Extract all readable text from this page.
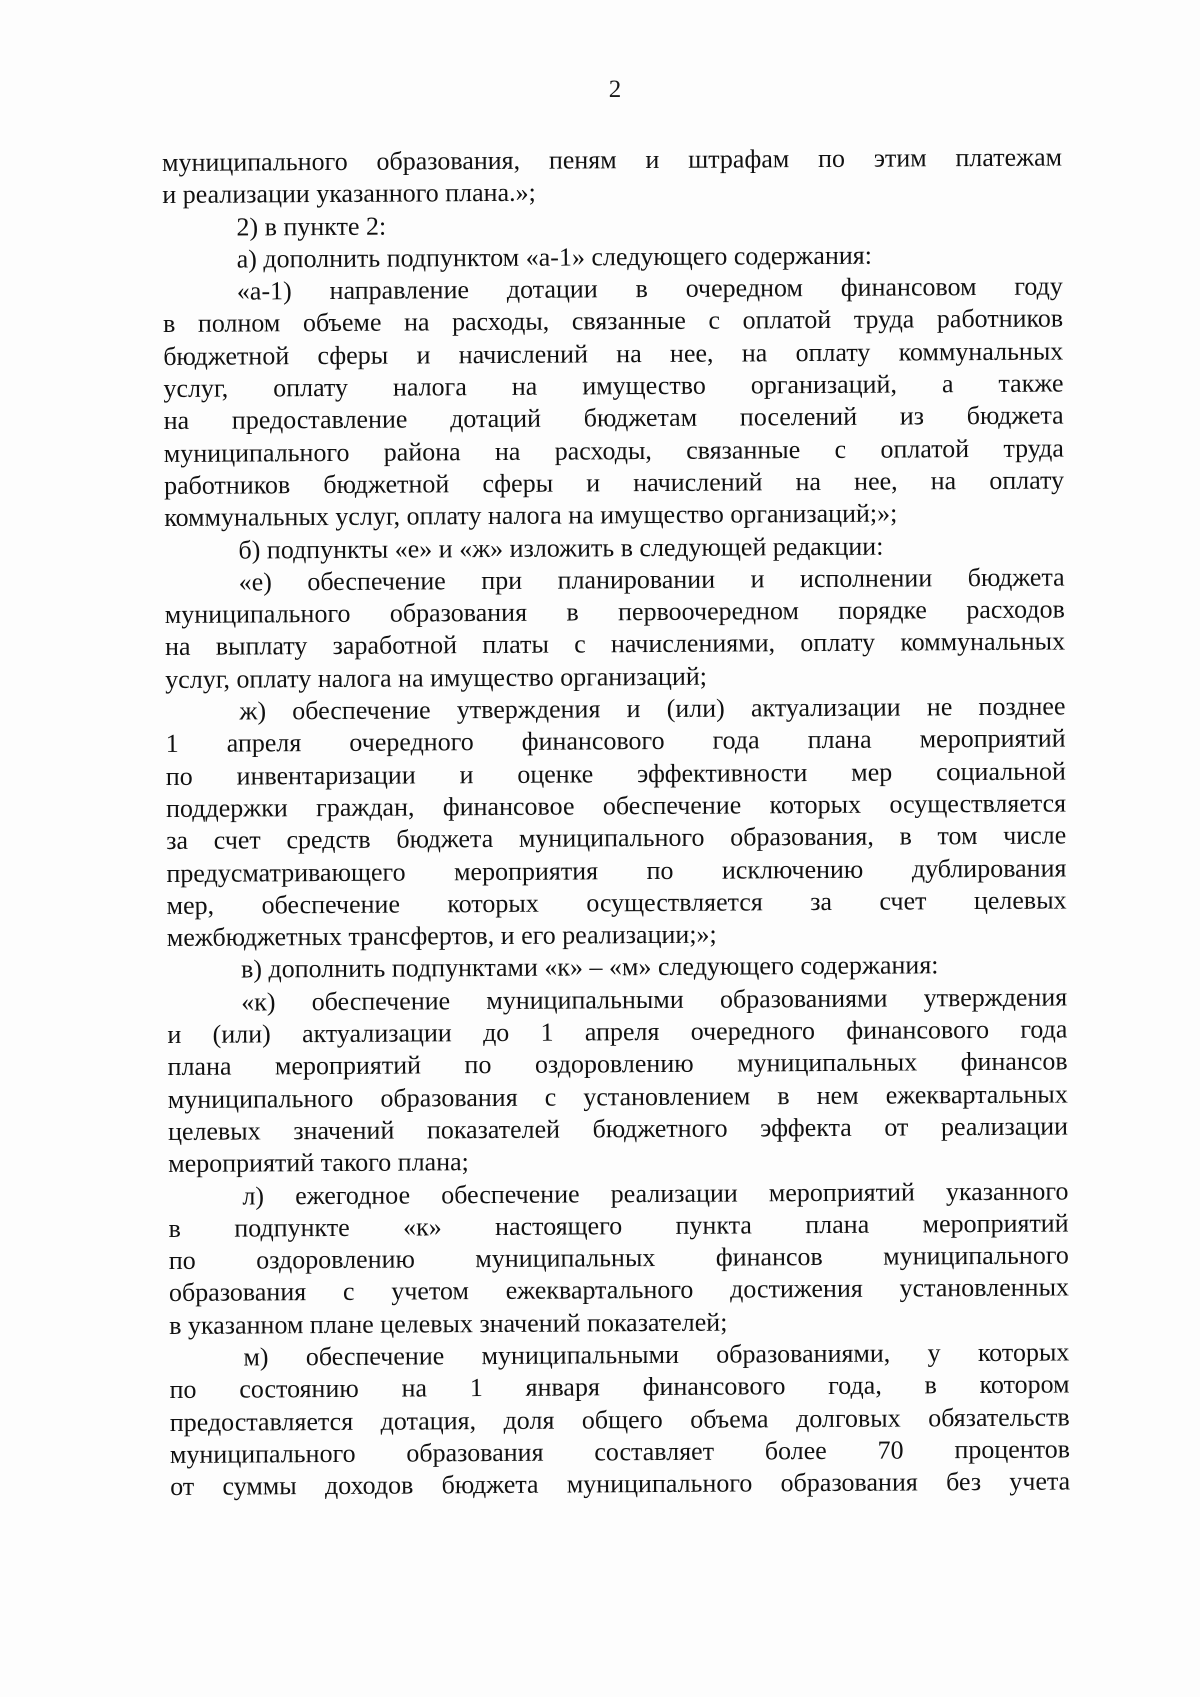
2
муниципального образования, пеням и штрафам по этим платежам
и реализации указанного плана.»;
2) в пункте 2:
а) дополнить подпунктом «а-1» следующего содержания:
«а-1) направление дотации в очередном финансовом году
в полном объеме на расходы, связанные с оплатой труда работников
бюджетной сферы и начислений на нее, на оплату коммунальных
услуг, оплату налога на имущество организаций, а также
на предоставление дотаций бюджетам поселений из бюджета
муниципального района на расходы, связанные с оплатой труда
работников бюджетной сферы и начислений на нее, на оплату
коммунальных услуг, оплату налога на имущество организаций;»;
б) подпункты «е» и «ж» изложить в следующей редакции:
«е) обеспечение при планировании и исполнении бюджета
муниципального образования в первоочередном порядке расходов
на выплату заработной платы с начислениями, оплату коммунальных
услуг, оплату налога на имущество организаций;
ж) обеспечение утверждения и (или) актуализации не позднее
1 апреля очередного финансового года плана мероприятий
по инвентаризации и оценке эффективности мер социальной
поддержки граждан, финансовое обеспечение которых осуществляется
за счет средств бюджета муниципального образования, в том числе
предусматривающего мероприятия по исключению дублирования
мер, обеспечение которых осуществляется за счет целевых
межбюджетных трансфертов, и его реализации;»;
в) дополнить подпунктами «к» – «м» следующего содержания:
«к) обеспечение муниципальными образованиями утверждения
и (или) актуализации до 1 апреля очередного финансового года
плана мероприятий по оздоровлению муниципальных финансов
муниципального образования с установлением в нем ежеквартальных
целевых значений показателей бюджетного эффекта от реализации
мероприятий такого плана;
л) ежегодное обеспечение реализации мероприятий указанного
в подпункте «к» настоящего пункта плана мероприятий
по оздоровлению муниципальных финансов муниципального
образования с учетом ежеквартального достижения установленных
в указанном плане целевых значений показателей;
м) обеспечение муниципальными образованиями, у которых
по состоянию на 1 января финансового года, в котором
предоставляется дотация, доля общего объема долговых обязательств
муниципального образования составляет более 70 процентов
от суммы доходов бюджета муниципального образования без учета
